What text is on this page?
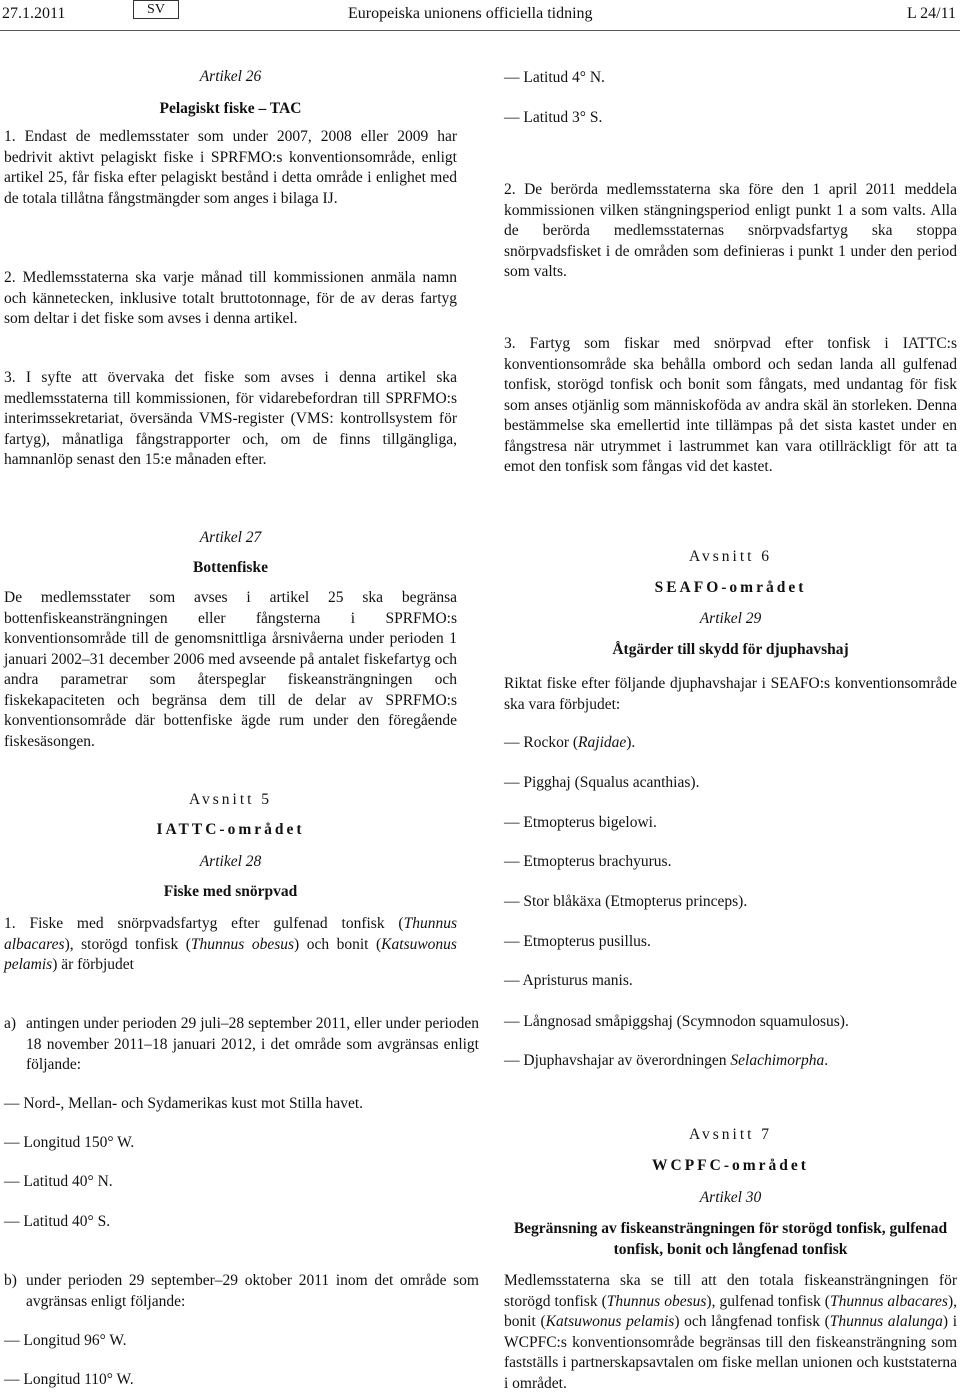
27.1.2011	SV	Europeiska unionens officiella tidning	L 24/11

Artikel 26

Pelagiskt fiske – TAC

1. Endast de medlemsstater som under 2007, 2008 eller 2009 har bedrivit aktivt pelagiskt fiske i SPRFMO:s konventionsområde, enligt artikel 25, får fiska efter pelagiskt bestånd i detta område i enlighet med de totala tillåtna fångstmängder som anges i bilaga IJ.

2. Medlemsstaterna ska varje månad till kommissionen anmäla namn och kännetecken, inklusive totalt bruttotonnage, för de av deras fartyg som deltar i det fiske som avses i denna artikel.

3. I syfte att övervaka det fiske som avses i denna artikel ska medlemsstaterna till kommissionen, för vidarebefordran till SPRFMO:s interimssekretariat, översända VMS-register (VMS: kontrollsystem för fartyg), månatliga fångstrapporter och, om de finns tillgängliga, hamnanlöp senast den 15:e månaden efter.

Artikel 27

Bottenfiske

De medlemsstater som avses i artikel 25 ska begränsa bottenfiskeansträngningen eller fångsterna i SPRFMO:s konventionsområde till de genomsnittliga årsnivåerna under perioden 1 januari 2002–31 december 2006 med avseende på antalet fiskefartyg och andra parametrar som återspeglar fiskeansträngningen och fiskekapaciteten och begränsa dem till de delar av SPRFMO:s konventionsområde där bottenfiske ägde rum under den föregående fiskesäsongen.

Avsnitt 5

IATTC-området

Artikel 28

Fiske med snörpvad

1. Fiske med snörpvadsfartyg efter gulfenad tonfisk (Thunnus albacares), storögd tonfisk (Thunnus obesus) och bonit (Katsuwonus pelamis) är förbjudet

a) antingen under perioden 29 juli–28 september 2011, eller under perioden 18 november 2011–18 januari 2012, i det område som avgränsas enligt följande:

— Nord-, Mellan- och Sydamerikas kust mot Stilla havet.

— Longitud 150° W.

— Latitud 40° N.

— Latitud 40° S.

b) under perioden 29 september–29 oktober 2011 inom det område som avgränsas enligt följande:

— Longitud 96° W.

— Longitud 110° W.

— Latitud 4° N.

— Latitud 3° S.

2. De berörda medlemsstaterna ska före den 1 april 2011 meddela kommissionen vilken stängningsperiod enligt punkt 1 a som valts. Alla de berörda medlemsstaternas snörpvadsfartyg ska stoppa snörpvadsfisket i de områden som definieras i punkt 1 under den period som valts.

3. Fartyg som fiskar med snörpvad efter tonfisk i IATTC:s konventionsområde ska behålla ombord och sedan landa all gulfenad tonfisk, storögd tonfisk och bonit som fångats, med undantag för fisk som anses otjänlig som människoföda av andra skäl än storleken. Denna bestämmelse ska emellertid inte tillämpas på det sista kastet under en fångstresa när utrymmet i lastrummet kan vara otillräckligt för att ta emot den tonfisk som fångas vid det kastet.

Avsnitt 6

SEAFO-området

Artikel 29

Åtgärder till skydd för djuphavshaj

Riktat fiske efter följande djuphavshajar i SEAFO:s konventionsområde ska vara förbjudet:

— Rockor (Rajidae).

— Pigghaj (Squalus acanthias).

— Etmopterus bigelowi.

— Etmopterus brachyurus.

— Stor blåkäxa (Etmopterus princeps).

— Etmopterus pusillus.

— Apristurus manis.

— Långnosad småpiggshaj (Scymnodon squamulosus).

— Djuphavshajar av överordningen Selachimorpha.

Avsnitt 7

WCPFC-området

Artikel 30

Begränsning av fiskeansträngningen för storögd tonfisk, gulfenad tonfisk, bonit och långfenad tonfisk

Medlemsstaterna ska se till att den totala fiskeansträngningen för storögd tonfisk (Thunnus obesus), gulfenad tonfisk (Thunnus albacares), bonit (Katsuwonus pelamis) och långfenad tonfisk (Thunnus alalunga) i WCPFC:s konventionsområde begränsas till den fiskeansträngning som fastställs i partnerskapsavtalen om fiske mellan unionen och kuststaterna i området.
